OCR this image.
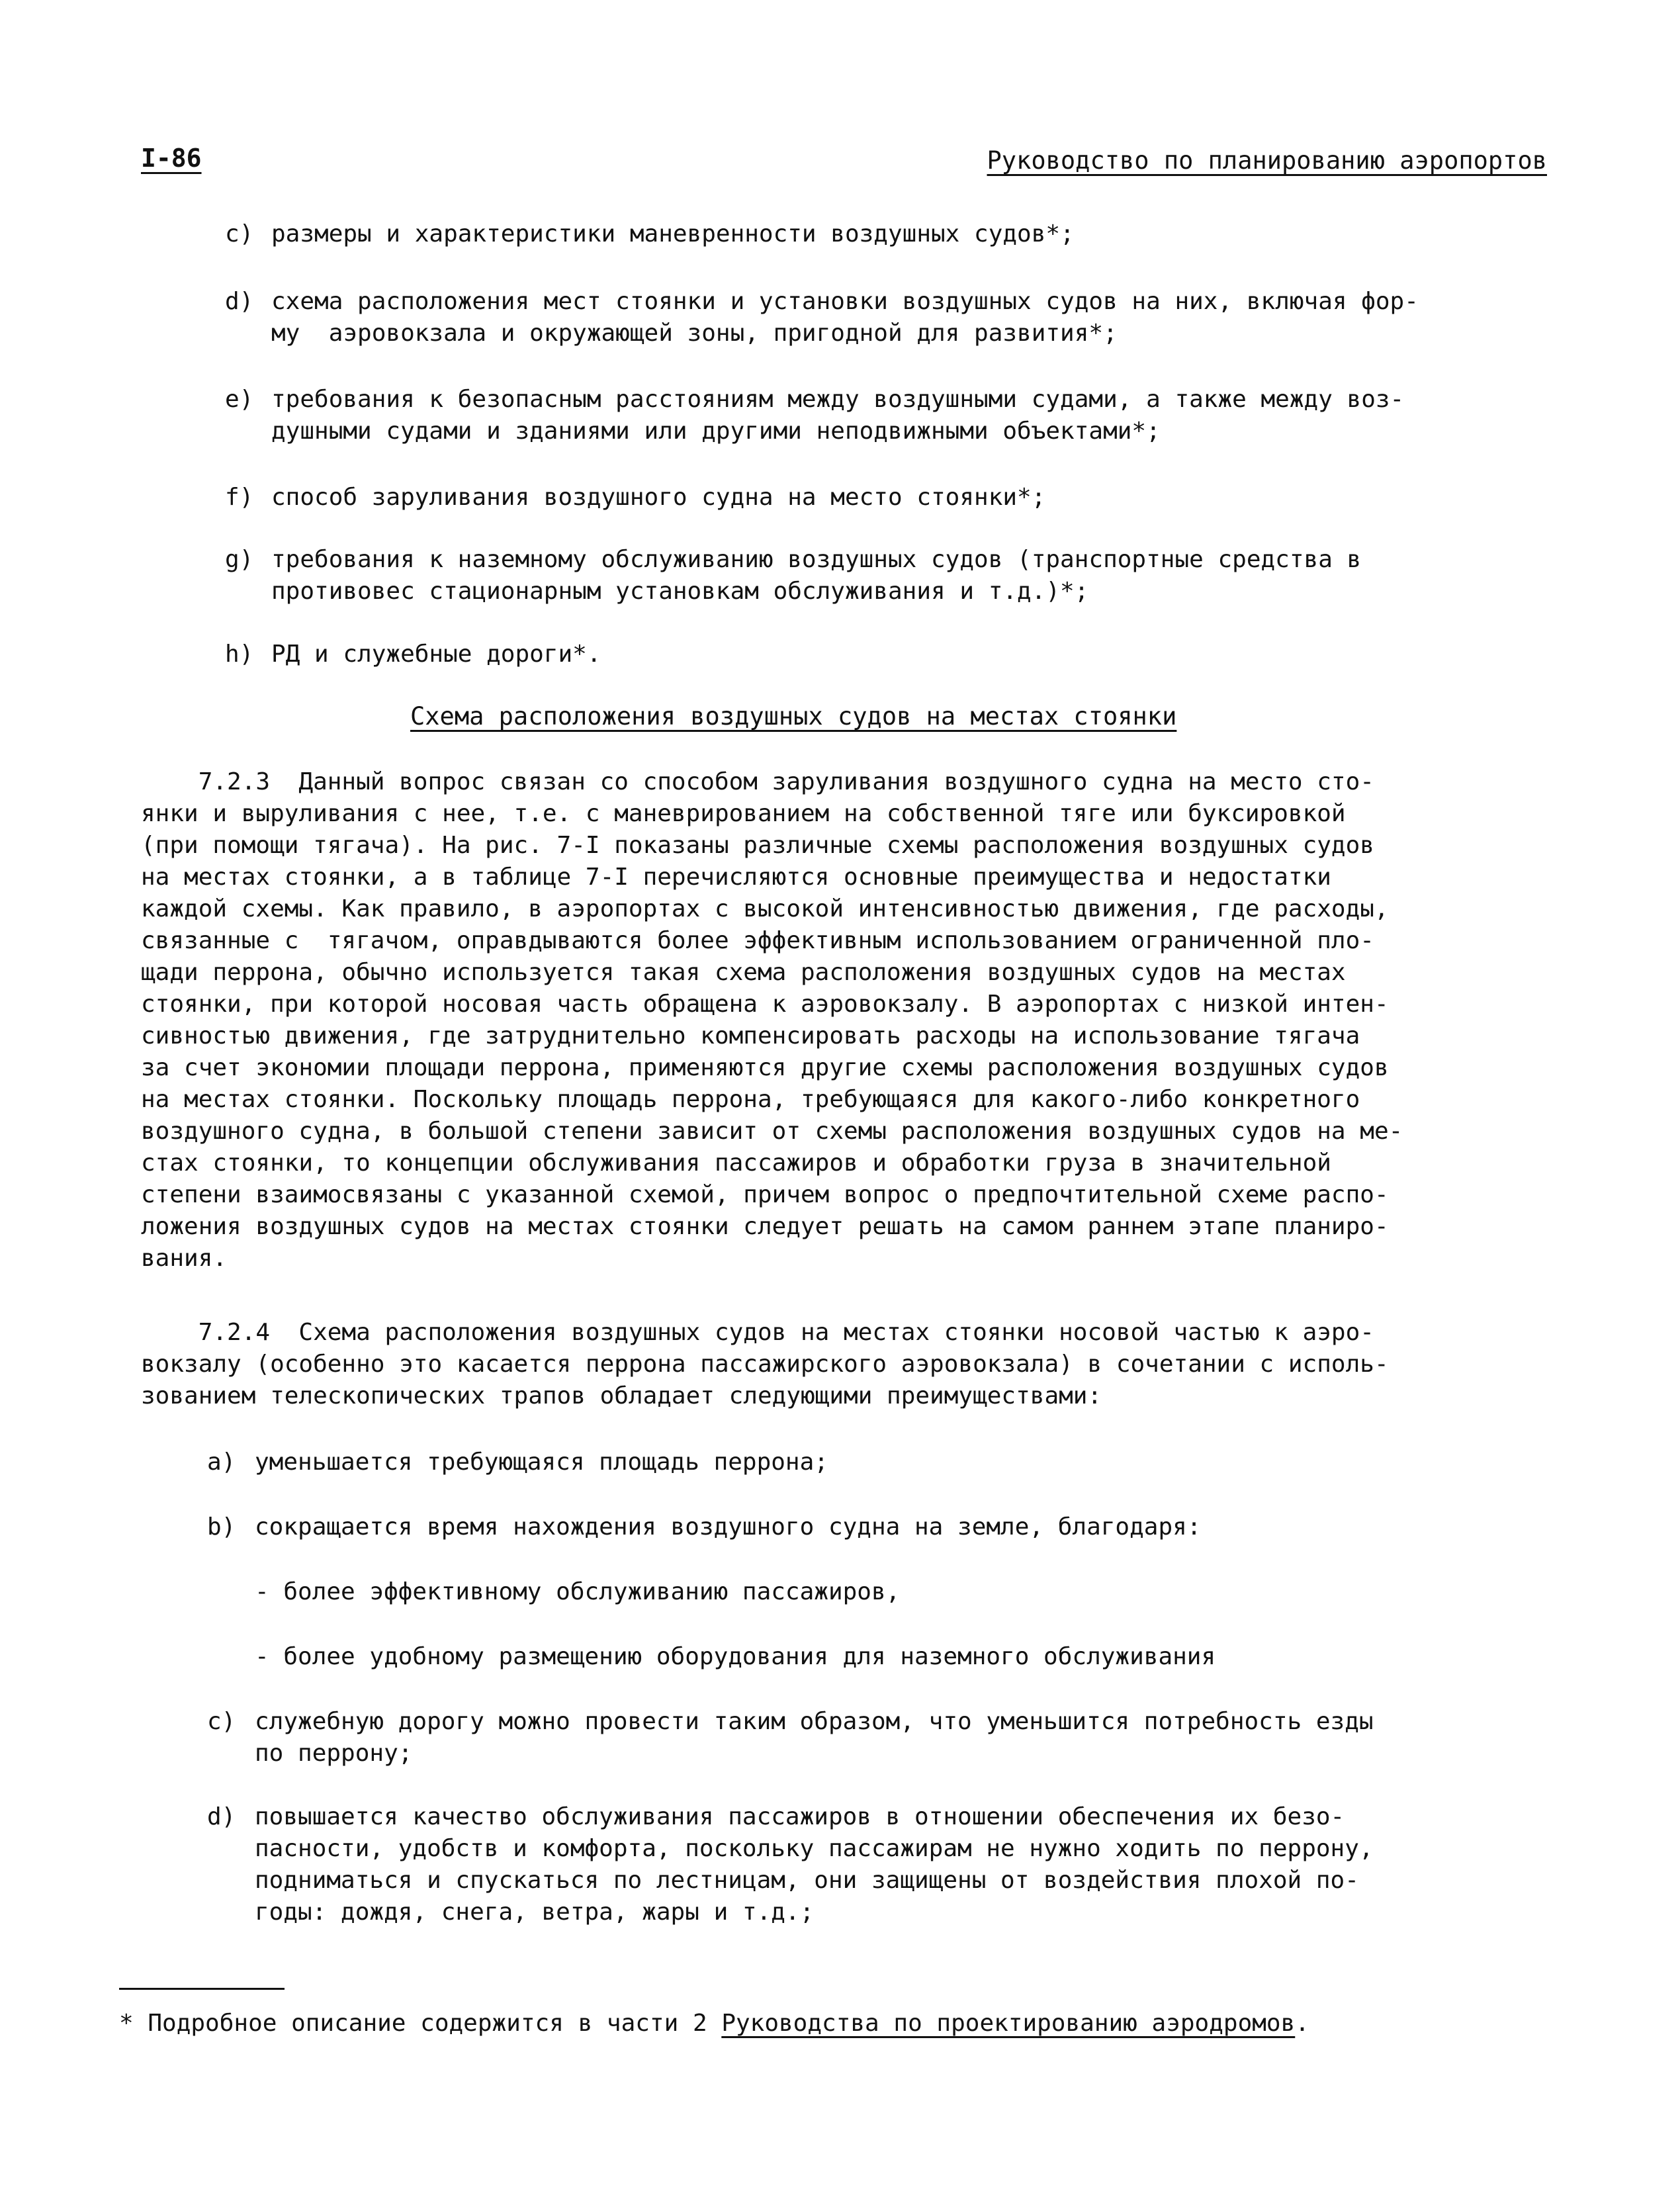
I-86	Руководство по планированию аэропортов
c) размеры и характеристики маневренности воздушных судов*;
d) схема расположения мест стоянки и установки воздушных судов на них, включая фор-
му  аэровокзала и окружающей зоны, пригодной для развития*;
e) требования к безопасным расстояниям между воздушными судами, а также между воз-
душными судами и зданиями или другими неподвижными объектами*;
f) способ заруливания воздушного судна на место стоянки*;
g) требования к наземному обслуживанию воздушных судов (транспортные средства в
противовес стационарным установкам обслуживания и т.д.)*;
h) РД и служебные дороги*.
Схема расположения воздушных судов на местах стоянки
7.2.3  Данный вопрос связан со способом заруливания воздушного судна на место сто-
янки и выруливания с нее, т.е. с маневрированием на собственной тяге или буксировкой
(при помощи тягача). На рис. 7-I показаны различные схемы расположения воздушных судов
на местах стоянки, а в таблице 7-I перечисляются основные преимущества и недостатки
каждой схемы. Как правило, в аэропортах с высокой интенсивностью движения, где расходы,
связанные с  тягачом, оправдываются более эффективным использованием ограниченной пло-
щади перрона, обычно используется такая схема расположения воздушных судов на местах
стоянки, при которой носовая часть обращена к аэровокзалу. В аэропортах с низкой интен-
сивностью движения, где затруднительно компенсировать расходы на использование тягача
за счет экономии площади перрона, применяются другие схемы расположения воздушных судов
на местах стоянки. Поскольку площадь перрона, требующаяся для какого-либо конкретного
воздушного судна, в большой степени зависит от схемы расположения воздушных судов на ме-
стах стоянки, то концепции обслуживания пассажиров и обработки груза в значительной
степени взаимосвязаны с указанной схемой, причем вопрос о предпочтительной схеме распо-
ложения воздушных судов на местах стоянки следует решать на самом раннем этапе планиро-
вания.
7.2.4  Схема расположения воздушных судов на местах стоянки носовой частью к аэро-
вокзалу (особенно это касается перрона пассажирского аэровокзала) в сочетании с исполь-
зованием телескопических трапов обладает следующими преимуществами:
a) уменьшается требующаяся площадь перрона;
b) сокращается время нахождения воздушного судна на земле, благодаря:
- более эффективному обслуживанию пассажиров,
- более удобному размещению оборудования для наземного обслуживания
c) служебную дорогу можно провести таким образом, что уменьшится потребность езды
по перрону;
d) повышается качество обслуживания пассажиров в отношении обеспечения их безо-
пасности, удобств и комфорта, поскольку пассажирам не нужно ходить по перрону,
подниматься и спускаться по лестницам, они защищены от воздействия плохой по-
годы: дождя, снега, ветра, жары и т.д.;
* Подробное описание содержится в части 2 Руководства по проектированию аэродромов.
